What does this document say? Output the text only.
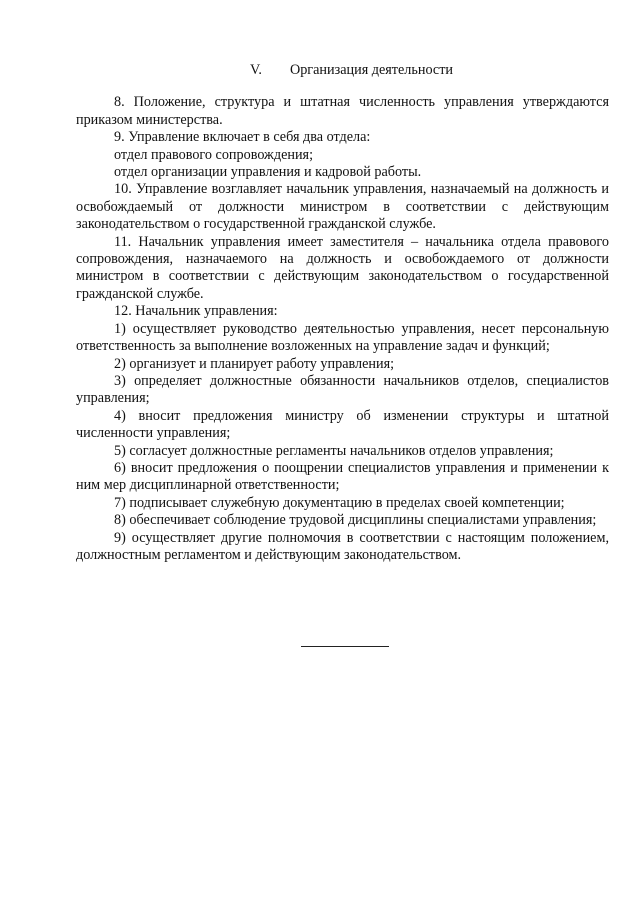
V. Организация деятельности

8. Положение, структура и штатная численность управления утверждаются приказом министерства.

9. Управление включает в себя два отдела:

отдел правового сопровождения;

отдел организации управления и кадровой работы.

10. Управление возглавляет начальник управления, назначаемый на должность и освобождаемый от должности министром в соответствии с действующим законодательством о государственной гражданской службе.

11. Начальник управления имеет заместителя – начальника отдела правового сопровождения, назначаемого на должность и освобождаемого от должности министром в соответствии с действующим законодательством о государственной гражданской службе.

12. Начальник управления:

1) осуществляет руководство деятельностью управления, несет персональную ответственность за выполнение возложенных на управление задач и функций;

2) организует и планирует работу управления;

3) определяет должностные обязанности начальников отделов, специалистов управления;

4) вносит предложения министру об изменении структуры и штатной численности управления;

5) согласует должностные регламенты начальников отделов управления;

6) вносит предложения о поощрении специалистов управления и применении к ним мер дисциплинарной ответственности;

7) подписывает служебную документацию в пределах своей компетенции;

8) обеспечивает соблюдение трудовой дисциплины специалистами управления;

9) осуществляет другие полномочия в соответствии с настоящим положением, должностным регламентом и действующим законодательством.
